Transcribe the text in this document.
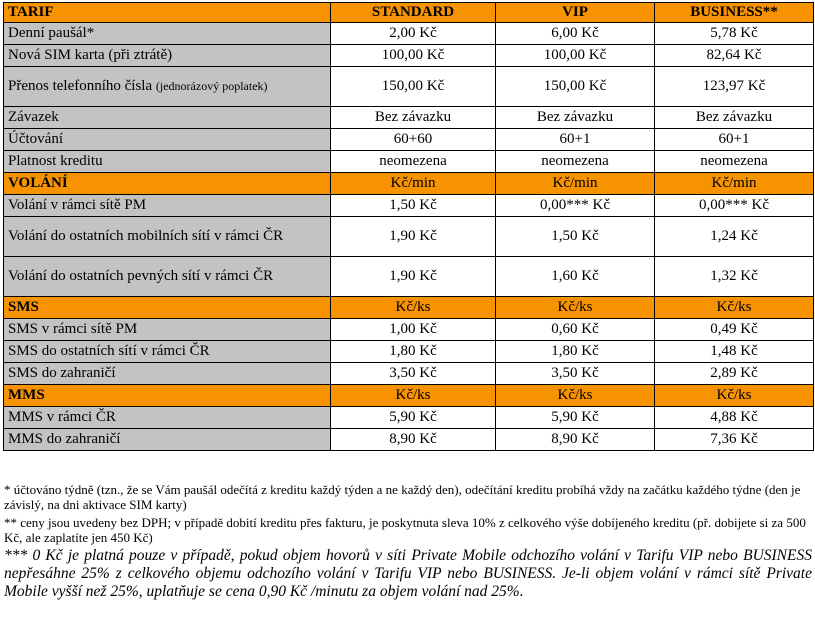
TARIF	STANDARD	VIP	BUSINESS**
Denní paušál*	2,00 Kč	6,00 Kč	5,78 Kč
Nová SIM karta (při ztrátě)	100,00 Kč	100,00 Kč	82,64 Kč
Přenos telefonního čísla (jednorázový poplatek)	150,00 Kč	150,00 Kč	123,97 Kč
Závazek	Bez závazku	Bez závazku	Bez závazku
Účtování	60+60	60+1	60+1
Platnost kreditu	neomezena	neomezena	neomezena
VOLÁNÍ	Kč/min	Kč/min	Kč/min
Volání v rámci sítě PM	1,50 Kč	0,00*** Kč	0,00*** Kč
Volání do ostatních mobilních sítí v rámci ČR	1,90 Kč	1,50 Kč	1,24 Kč
Volání do ostatních pevných sítí v rámci ČR	1,90 Kč	1,60 Kč	1,32 Kč
SMS	Kč/ks	Kč/ks	Kč/ks
SMS v rámci sítě PM	1,00 Kč	0,60 Kč	0,49 Kč
SMS do ostatních sítí v rámci ČR	1,80 Kč	1,80 Kč	1,48 Kč
SMS do zahraničí	3,50 Kč	3,50 Kč	2,89 Kč
MMS	Kč/ks	Kč/ks	Kč/ks
MMS v rámci ČR	5,90 Kč	5,90 Kč	4,88 Kč
MMS do zahraničí	8,90 Kč	8,90 Kč	7,36 Kč

* účtováno týdně (tzn., že se Vám paušál odečítá z kreditu každý týden a ne každý den), odečítání kreditu probíhá vždy na začátku každého týdne (den je závislý, na dni aktivace SIM karty)

** ceny jsou uvedeny bez DPH; v případě dobití kreditu přes fakturu, je poskytnuta sleva 10% z celkového výše dobíjeného kreditu (př. dobijete si za 500 Kč, ale zaplatíte jen 450 Kč)

*** 0 Kč je platná pouze v případě, pokud objem hovorů v síti Private Mobile odchozího volání v Tarifu VIP nebo BUSINESS nepřesáhne 25% z celkového objemu odchozího volání v Tarifu VIP nebo BUSINESS. Je-li objem volání v rámci sítě Private Mobile vyšší než 25%, uplatňuje se cena 0,90 Kč /minutu za objem volání nad 25%.
